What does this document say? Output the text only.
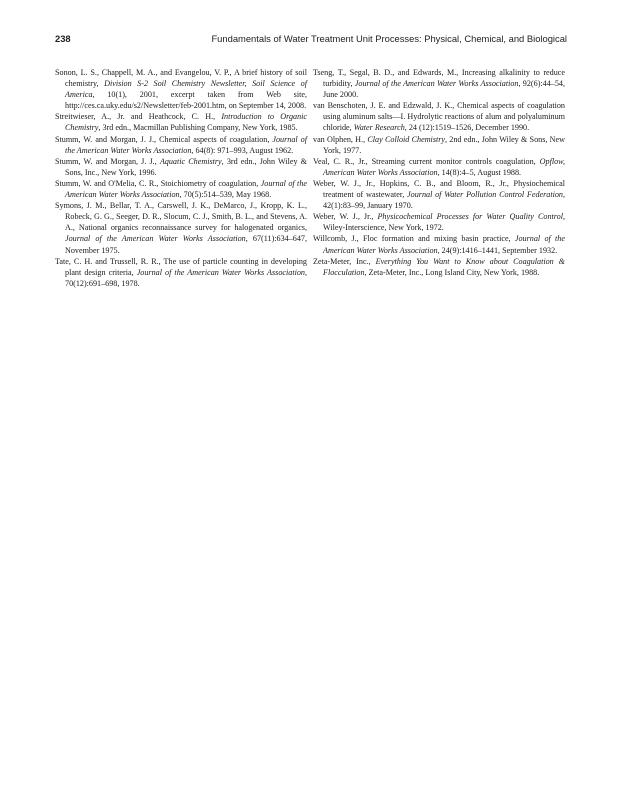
238	Fundamentals of Water Treatment Unit Processes: Physical, Chemical, and Biological

Sonon, L. S., Chappell, M. A., and Evangelou, V. P., A brief history of soil chemistry, Division S-2 Soil Chemistry Newsletter, Soil Science of America, 10(1), 2001, excerpt taken from Web site, http://ces.ca.uky.edu/s2/Newsletter/feb-2001.htm, on September 14, 2008.

Streitwieser, A., Jr. and Heathcock, C. H., Introduction to Organic Chemistry, 3rd edn., Macmillan Publishing Company, New York, 1985.

Stumm, W. and Morgan, J. J., Chemical aspects of coagulation, Journal of the American Water Works Association, 64(8): 971–993, August 1962.

Stumm, W. and Morgan, J. J., Aquatic Chemistry, 3rd edn., John Wiley & Sons, Inc., New York, 1996.

Stumm, W. and O'Melia, C. R., Stoichiometry of coagulation, Journal of the American Water Works Association, 70(5):514–539, May 1968.

Symons, J. M., Bellar, T. A., Carswell, J. K., DeMarco, J., Kropp, K. L., Robeck, G. G., Seeger, D. R., Slocum, C. J., Smith, B. L., and Stevens, A. A., National organics reconnaissance survey for halogenated organics, Journal of the American Water Works Association, 67(11):634–647, November 1975.

Tate, C. H. and Trussell, R. R., The use of particle counting in developing plant design criteria, Journal of the American Water Works Association, 70(12):691–698, 1978.

Tseng, T., Segal, B. D., and Edwards, M., Increasing alkalinity to reduce turbidity, Journal of the American Water Works Association, 92(6):44–54, June 2000.

van Benschoten, J. E. and Edzwald, J. K., Chemical aspects of coagulation using aluminum salts—I. Hydrolytic reactions of alum and polyaluminum chloride, Water Research, 24 (12):1519–1526, December 1990.

van Olphen, H., Clay Colloid Chemistry, 2nd edn., John Wiley & Sons, New York, 1977.

Veal, C. R., Jr., Streaming current monitor controls coagulation, Opflow, American Water Works Association, 14(8):4–5, August 1988.

Weber, W. J., Jr., Hopkins, C. B., and Bloom, R., Jr., Physiochemical treatment of wastewater, Journal of Water Pollution Control Federation, 42(1):83–99, January 1970.

Weber, W. J., Jr., Physicochemical Processes for Water Quality Control, Wiley-Interscience, New York, 1972.

Willcomb, J., Floc formation and mixing basin practice, Journal of the American Water Works Association, 24(9):1416–1441, September 1932.

Zeta-Meter, Inc., Everything You Want to Know about Coagulation & Flocculation, Zeta-Meter, Inc., Long Island City, New York, 1988.
